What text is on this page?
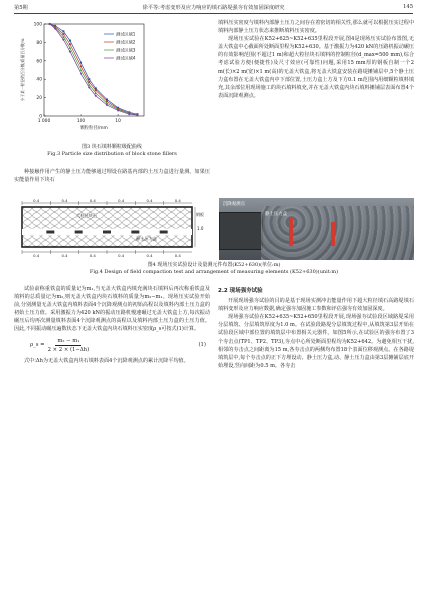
第5期	徐平等:考虑变形及应力响应的填石路堤强夯有效加固深度研究	145
0
20
40
60
80
100
1 000	100	10
颗粒粒径/mm
小于某一粒径的百分数/质量百分数/%
测试区域1
测试区域2
测试区域3
测试区域4
图3 块石填料颗粒级配曲线
Fig.3 Particle size distribution of block stone fillers

种接触作用产生的静土压力能够通过埋设在路基内部的土压力盒进行量测。如果压实能量作用下块石

填料压实密度与填料内部静土压力之间存在着密切的相关性,那么就可以根据压实过程中填料内部静土压力状态来推断填料压实密度。

现场压实试验在K52+625~K52+635里程段开展,图4是现场压实试验布置图,无盖大铁盒中心截面所处断面里程为K52+630。基于激振力为420 kN的压路机振动碾压的有效影响范围(不超过1 m)和超大粒径块石填料的控制粒径(d_max=500 mm),综合考虑试验方便(便捷性)及尺寸效应(可靠性)问题,采用15 mm厚的钢板自制一个2 m(长)×2 m(宽)×1 m(高)的无盖大铁盒,将无盖大铁盒安装在路堤摊铺层中,5个静土压力盒布置在无盖大铁盒内中下部位置,土压力盒上方及下方0.1 m范围内用细颗粒填料填充,其余部位用现场施工的块石填料填充,并在无盖大铁盒内块石填料摊铺层表面布置4个表面沉降观测点。

0.4	0.4	0.4	0.4	0.4	0.4
大粒径块石
静土压力盒
钢板
1.0
0.4	0.4	0.4	0.4	0.4	0.4
沉降观测点
静土压力盒
图4 现场压实试验设计及量测元件布置(K52+630)(单位:m)
Fig.4 Design of field compaction test and arrangement of measuring elements (K52+630)(unit:m)

试验前称重铁盒的质量记为m₁,当无盖大铁盒内填充满块石填料后再次称重铁盒及填料的总质量记为m₂,则无盖大铁盒内块石填料的质量为m₂−m₁。现场压实试验开始前,分别测量无盖大铁盒内填料表面4个沉降观测点的初始高程以及填料内部土压力盒的初始土压力值。采用激振力为420 kN的振动压路机慢速碾过无盖大铁盒上方,每次振动碾压后均再次测量填料表面4个沉降观测点的高程以及填料内部土压力盒的土压力值。因此,不同振动碾压遍数状态下无盖大铁盒内块石填料压实密度ρ_s可按式(1)计算。

ρ_s = $\frac{\text{m₂ − m₁}}{2 \times 2 \times (1-\Delta h)}$	(1)

式中:Δh为无盖大铁盒内块石填料表面4个沉降观测点的累计沉降平均值。

2.2 现场强夯试验

开展现场强夯试验的目的是基于现场实测冲击能量作用下超大粒径填石高路堤填石填料变形及应力响应数据,确定强夯加固施工参数和评估强夯有效加固深度。

现场强夯试验在K52+635~K52+650里程段开展,现场强夯试验段区域路堤采用分层填筑、分层填筑厚度为1.0 m。在试验段路堤分层填筑过程中,从填筑第3层开始在试验段区域中部位置的填筑层中布置相关元器件。如图5所示,在试验区的强夯布置了3个夯击点(TP1、TP2、TP3),夯点中心所处断面里程均为K52+642。为避免相互干扰,相邻的夯击点之间距离为15 m,各夯击点的两侧均布置18个表面位移观测点。在各路堤填筑层中,每个夯击点的正下方埋设动、静土压力盒,动、静土压力盒由第3层摊铺层底开始埋设,竖向间距为0.5 m。各夯击
